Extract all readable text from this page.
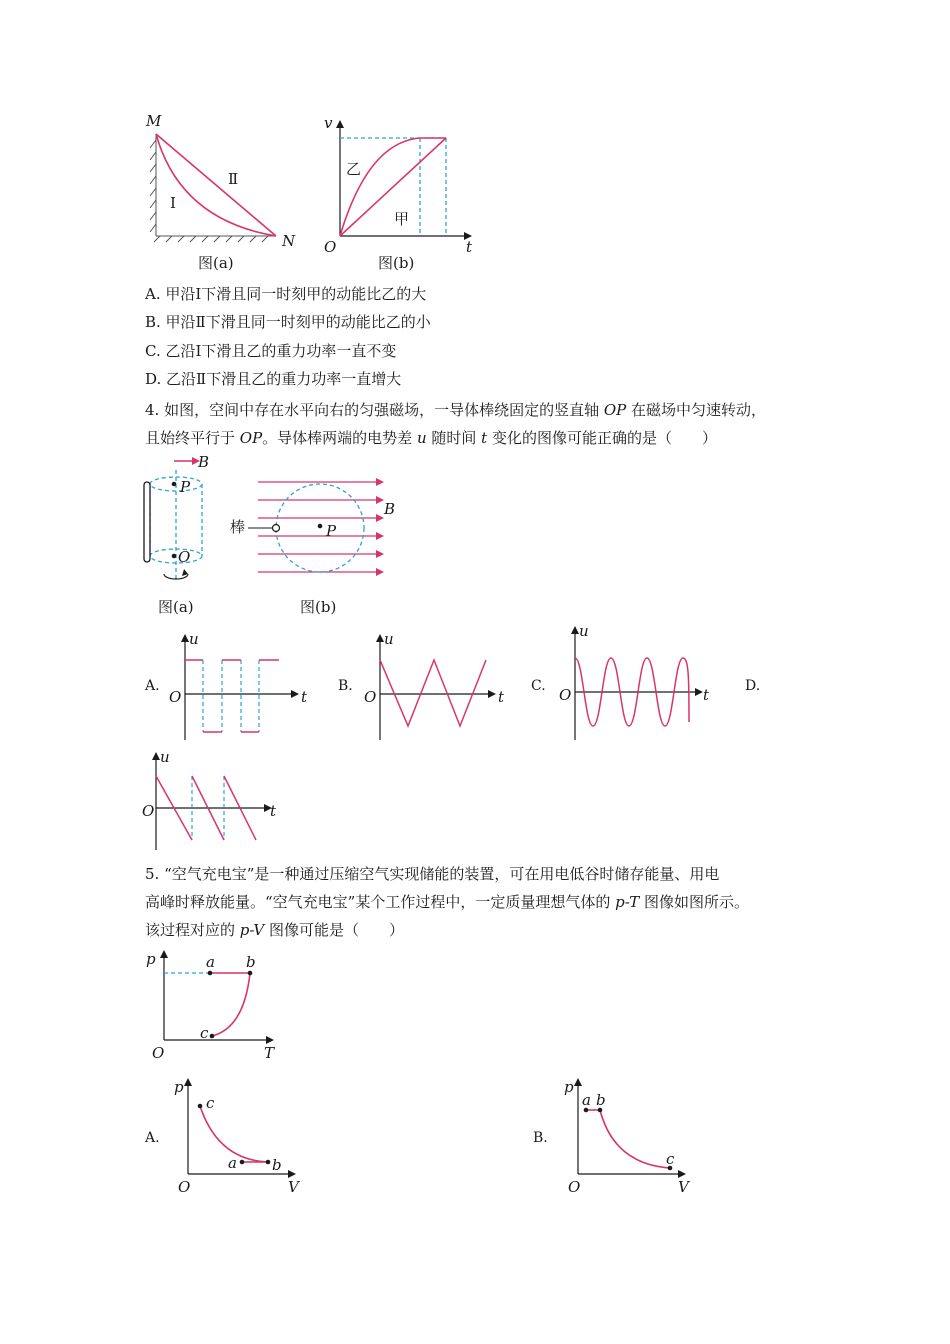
M
Ⅰ
Ⅱ
N
图(a)
v
乙
甲
O	t
图(b)
A. 甲沿Ⅰ下滑且同一时刻甲的动能比乙的大
B. 甲沿Ⅱ下滑且同一时刻甲的动能比乙的小
C. 乙沿Ⅰ下滑且乙的重力功率一直不变
D. 乙沿Ⅱ下滑且乙的重力功率一直增大
4. 如图，空间中存在水平向右的匀强磁场，一导体棒绕固定的竖直轴 OP 在磁场中匀速转动，
且始终平行于 OP。导体棒两端的电势差 u 随时间 t 变化的图像可能正确的是（　　）
B
P
O
图(a)
棒	P
B
图(b)
A.
u
O	t
B.
u
O	t
C.
u
O	t	D.
u
O	t
5. “空气充电宝”是一种通过压缩空气实现储能的装置，可在用电低谷时储存能量、用电
高峰时释放能量。“空气充电宝”某个工作过程中，一定质量理想气体的 p-T 图像如图所示。
该过程对应的 p-V 图像可能是（　　）
a b
c
p
O	T
A.
c
a b
p
O	V
B.
a b
c
p
O	V
